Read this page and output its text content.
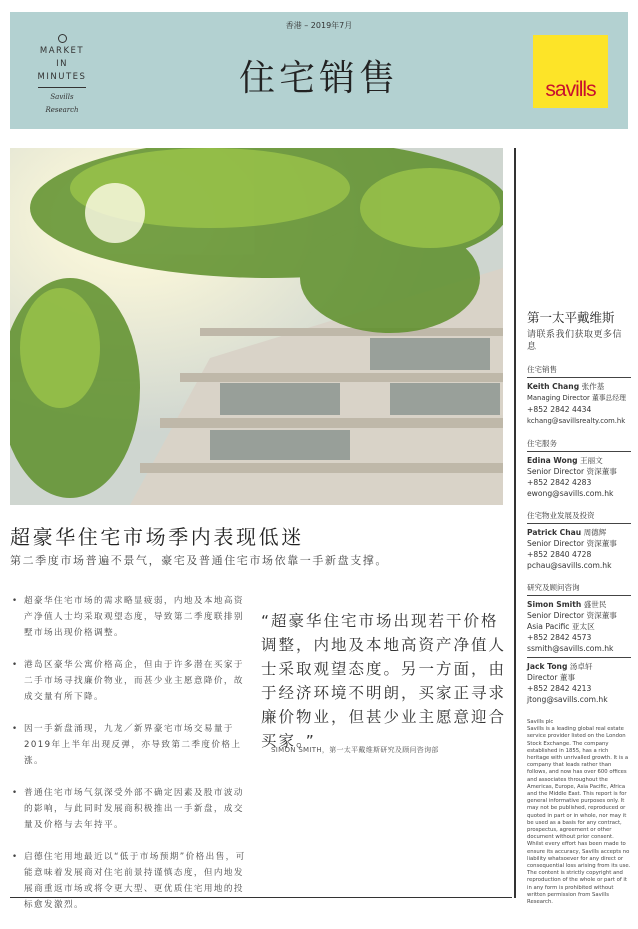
MARKET
IN
MINUTES
Savills Research
香港 – 2019年7月
住宅销售	savills
超豪华住宅市场季内表现低迷
第二季度市场普遍不景气，豪宅及普通住宅市场依靠一手新盘支撑。
• 超豪华住宅市场的需求略显疲弱，内地及本地高资产净值人士均采取观望态度，导致第二季度联排别墅市场出现价格调整。
• 港岛区豪华公寓价格高企，但由于许多潜在买家于二手市场寻找廉价物业，而甚少业主愿意降价，故成交量有所下降。
• 因一手新盘涌现，九龙／新界豪宅市场交易量于2019年上半年出现反弹，亦导致第二季度价格上涨。
• 普通住宅市场气氛深受外部不确定因素及股市波动的影响，与此同时发展商积极推出一手新盘，成交量及价格与去年持平。
• 启德住宅用地最近以“低于市场预期”价格出售，可能意味着发展商对住宅前景持谨慎态度，但内地发展商重返市场或将令更大型、更优质住宅用地的投标愈发激烈。
“超豪华住宅市场出现若干价格调整，内地及本地高资产净值人士采取观望态度。另一方面，由于经济环境不明朗，买家正寻求廉价物业，但甚少业主愿意迎合买家。”
SIMON SMITH，第一太平戴维斯研究及顾问咨询部
第一太平戴维斯
请联系我们获取更多信息
住宅销售
Keith Chang 张作基
Managing Director 董事总经理
+852 2842 4434
kchang@savillsrealty.com.hk
住宅服务
Edina Wong 王丽文
Senior Director 资深董事
+852 2842 4283
ewong@savills.com.hk
住宅物业发展及投资
Patrick Chau 周德辉
Senior Director 资深董事
+852 2840 4728
pchau@savills.com.hk
研究及顾问咨询
Simon Smith 盛世民
Senior Director 资深董事
Asia Pacific 亚太区
+852 2842 4573
ssmith@savills.com.hk
Jack Tong 汤卓轩
Director 董事
+852 2842 4213
jtong@savills.com.hk
Savills plc
Savills is a leading global real estate service provider listed on the London Stock Exchange. The company established in 1855, has a rich heritage with unrivalled growth. It is a company that leads rather than follows, and now has over 600 offices and associates throughout the Americas, Europe, Asia Pacific, Africa and the Middle East. This report is for general informative purposes only. It may not be published, reproduced or quoted in part or in whole, nor may it be used as a basis for any contract, prospectus, agreement or other document without prior consent. Whilst every effort has been made to ensure its accuracy, Savills accepts no liability whatsoever for any direct or consequential loss arising from its use. The content is strictly copyright and reproduction of the whole or part of it in any form is prohibited without written permission from Savills Research.
